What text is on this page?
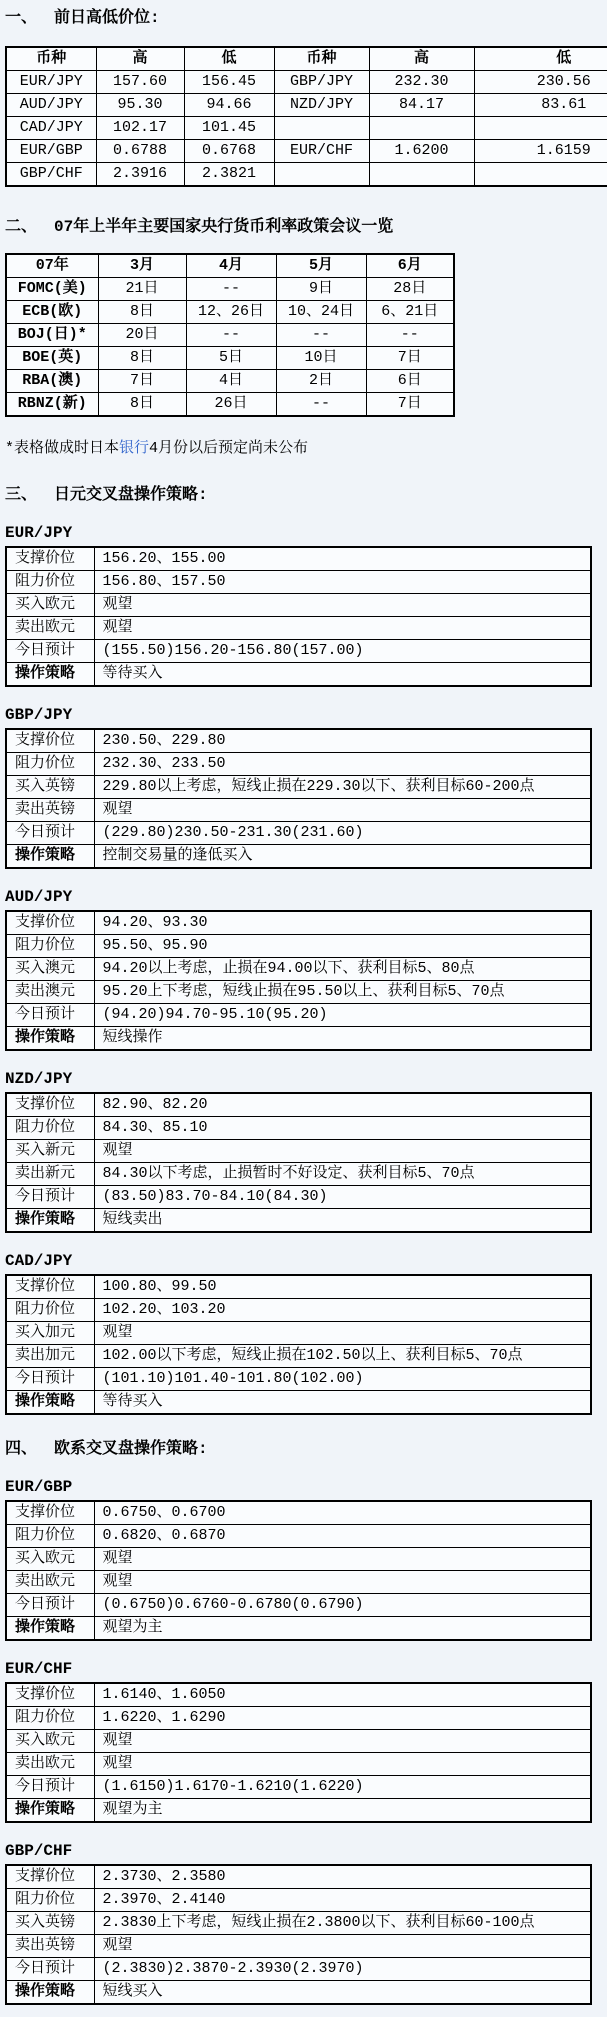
一、 前日高低价位:
币种	高	低	币种	高	低
EUR/JPY	157.60	156.45	GBP/JPY	232.30	230.56
AUD/JPY	95.30	94.66	NZD/JPY	84.17	83.61
CAD/JPY	102.17	101.45			
EUR/GBP	0.6788	0.6768	EUR/CHF	1.6200	1.6159
GBP/CHF	2.3916	2.3821			
二、 07年上半年主要国家央行货币利率政策会议一览
07年	3月	4月	5月	6月
FOMC(美)	21日	--	9日	28日
ECB(欧)	8日	12、26日	10、24日	6、21日
BOJ(日)*	20日	--	--	--
BOE(英)	8日	5日	10日	7日
RBA(澳)	7日	4日	2日	6日
RBNZ(新)	8日	26日	--	7日
*表格做成时日本银行4月份以后预定尚未公布
三、 日元交叉盘操作策略:
EUR/JPY
支撑价位	156.20、155.00
阻力价位	156.80、157.50
买入欧元	观望
卖出欧元	观望
今日预计	(155.50)156.20-156.80(157.00)
操作策略	等待买入
GBP/JPY
支撑价位	230.50、229.80
阻力价位	232.30、233.50
买入英镑	229.80以上考虑，短线止损在229.30以下、获利目标60-200点
卖出英镑	观望
今日预计	(229.80)230.50-231.30(231.60)
操作策略	控制交易量的逢低买入
AUD/JPY
支撑价位	94.20、93.30
阻力价位	95.50、95.90
买入澳元	94.20以上考虑，止损在94.00以下、获利目标5、80点
卖出澳元	95.20上下考虑，短线止损在95.50以上、获利目标5、70点
今日预计	(94.20)94.70-95.10(95.20)
操作策略	短线操作
NZD/JPY
支撑价位	82.90、82.20
阻力价位	84.30、85.10
买入新元	观望
卖出新元	84.30以下考虑，止损暂时不好设定、获利目标5、70点
今日预计	(83.50)83.70-84.10(84.30)
操作策略	短线卖出
CAD/JPY
支撑价位	100.80、99.50
阻力价位	102.20、103.20
买入加元	观望
卖出加元	102.00以下考虑，短线止损在102.50以上、获利目标5、70点
今日预计	(101.10)101.40-101.80(102.00)
操作策略	等待买入
四、 欧系交叉盘操作策略:
EUR/GBP
支撑价位	0.6750、0.6700
阻力价位	0.6820、0.6870
买入欧元	观望
卖出欧元	观望
今日预计	(0.6750)0.6760-0.6780(0.6790)
操作策略	观望为主
EUR/CHF
支撑价位	1.6140、1.6050
阻力价位	1.6220、1.6290
买入欧元	观望
卖出欧元	观望
今日预计	(1.6150)1.6170-1.6210(1.6220)
操作策略	观望为主
GBP/CHF
支撑价位	2.3730、2.3580
阻力价位	2.3970、2.4140
买入英镑	2.3830上下考虑，短线止损在2.3800以下、获利目标60-100点
卖出英镑	观望
今日预计	(2.3830)2.3870-2.3930(2.3970)
操作策略	短线买入
